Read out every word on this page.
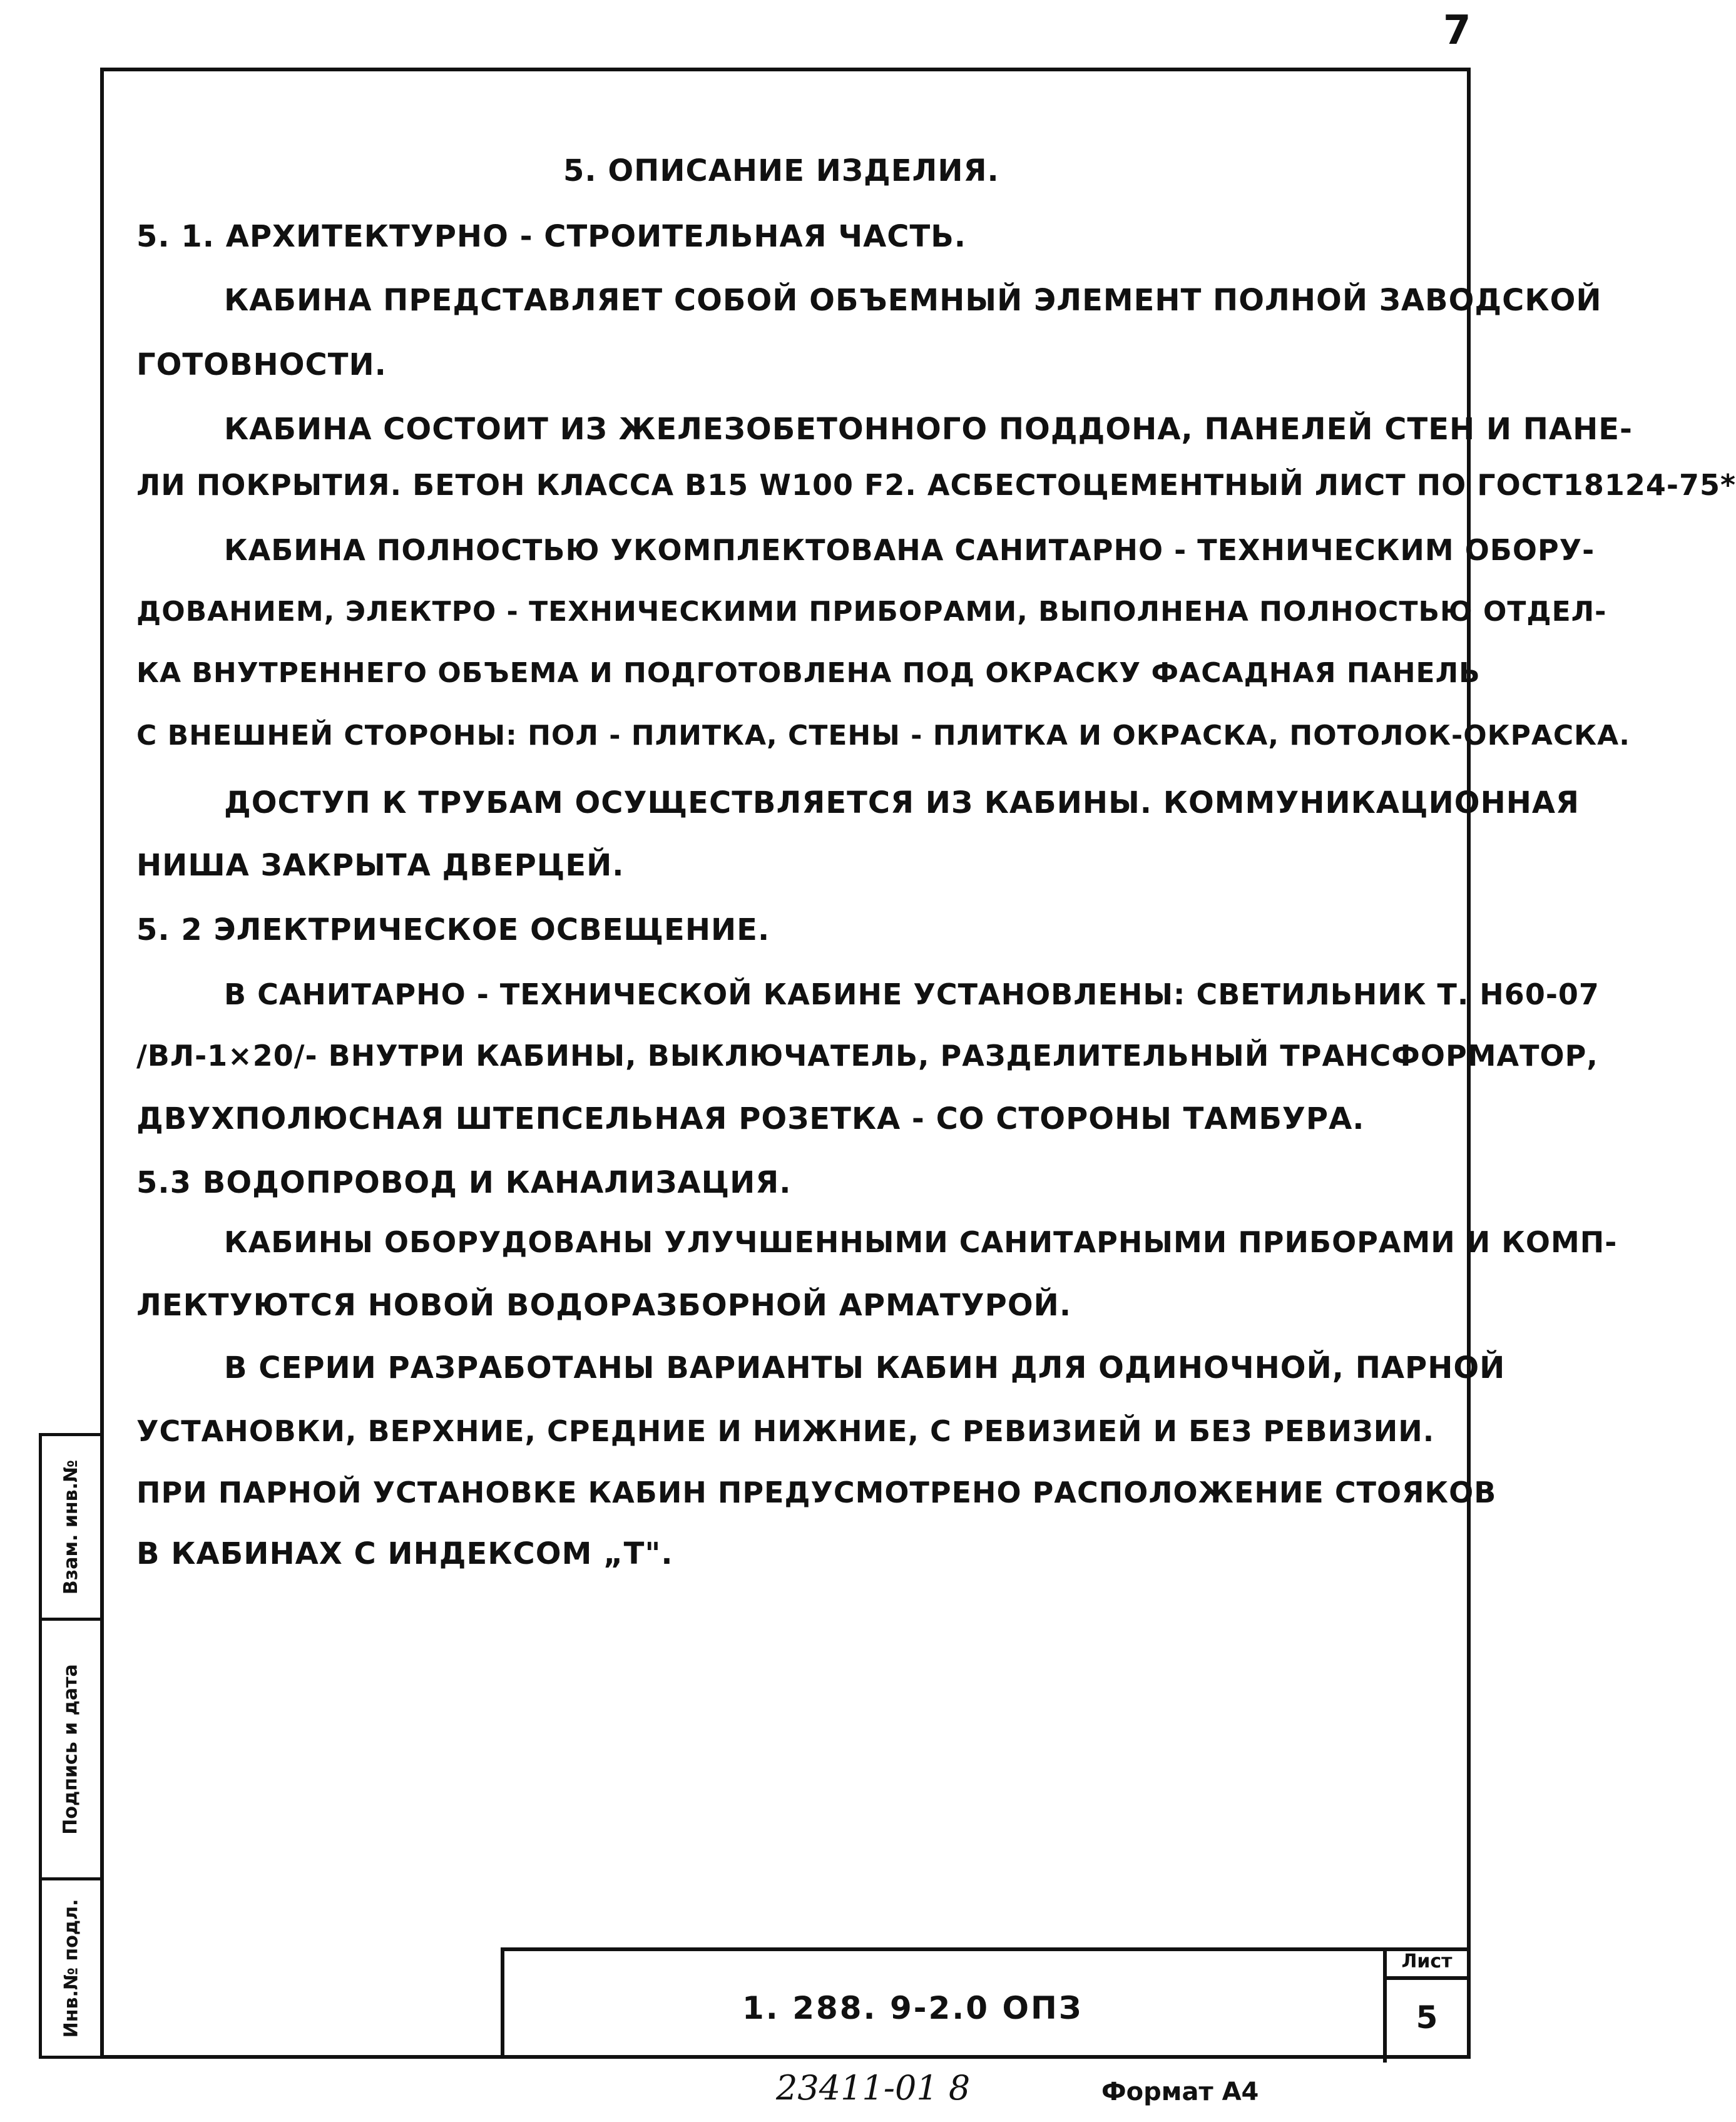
7
5. ОПИСАНИЕ ИЗДЕЛИЯ.
5. 1. АРХИТЕКТУРНО - СТРОИТЕЛЬНАЯ ЧАСТЬ.
КАБИНА ПРЕДСТАВЛЯЕТ СОБОЙ ОБЪЕМНЫЙ ЭЛЕМЕНТ ПОЛНОЙ ЗАВОДСКОЙ
ГОТОВНОСТИ.
КАБИНА СОСТОИТ ИЗ ЖЕЛЕЗОБЕТОННОГО ПОДДОНА, ПАНЕЛЕЙ СТЕН И ПАНЕ-
ЛИ ПОКРЫТИЯ. БЕТОН КЛАССА B15 W100 F2. АСБЕСТОЦЕМЕНТНЫЙ ЛИСТ ПО ГОСТ18124-75*
КАБИНА ПОЛНОСТЬЮ УКОМПЛЕКТОВАНА САНИТАРНО - ТЕХНИЧЕСКИМ ОБОРУ-
ДОВАНИЕМ, ЭЛЕКТРО - ТЕХНИЧЕСКИМИ ПРИБОРАМИ, ВЫПОЛНЕНА ПОЛНОСТЬЮ ОТДЕЛ-
КА ВНУТРЕННЕГО ОБЪЕМА И ПОДГОТОВЛЕНА ПОД ОКРАСКУ ФАСАДНАЯ ПАНЕЛЬ
С ВНЕШНЕЙ СТОРОНЫ: ПОЛ - ПЛИТКА, СТЕНЫ - ПЛИТКА И ОКРАСКА, ПОТОЛОК-ОКРАСКА.
ДОСТУП К ТРУБАМ ОСУЩЕСТВЛЯЕТСЯ ИЗ КАБИНЫ. КОММУНИКАЦИОННАЯ
НИША ЗАКРЫТА ДВЕРЦЕЙ.
5. 2 ЭЛЕКТРИЧЕСКОЕ ОСВЕЩЕНИЕ.
В САНИТАРНО - ТЕХНИЧЕСКОЙ КАБИНЕ УСТАНОВЛЕНЫ: СВЕТИЛЬНИК Т. Н60-07
/ВЛ-1×20/- ВНУТРИ КАБИНЫ, ВЫКЛЮЧАТЕЛЬ, РАЗДЕЛИТЕЛЬНЫЙ ТРАНСФОРМАТОР,
ДВУХПОЛЮСНАЯ ШТЕПСЕЛЬНАЯ РОЗЕТКА - СО СТОРОНЫ ТАМБУРА.
5.3 ВОДОПРОВОД И КАНАЛИЗАЦИЯ.
КАБИНЫ ОБОРУДОВАНЫ УЛУЧШЕННЫМИ САНИТАРНЫМИ ПРИБОРАМИ И КОМП-
ЛЕКТУЮТСЯ НОВОЙ ВОДОРАЗБОРНОЙ АРМАТУРОЙ.
В СЕРИИ РАЗРАБОТАНЫ ВАРИАНТЫ КАБИН ДЛЯ ОДИНОЧНОЙ, ПАРНОЙ
УСТАНОВКИ, ВЕРХНИЕ, СРЕДНИЕ И НИЖНИЕ, С РЕВИЗИЕЙ И БЕЗ РЕВИЗИИ.
ПРИ ПАРНОЙ УСТАНОВКЕ КАБИН ПРЕДУСМОТРЕНО РАСПОЛОЖЕНИЕ СТОЯКОВ
В КАБИНАХ С ИНДЕКСОМ „Т".
Взам. инв.№
Подпись и дата
Инв.№ подл.	1. 288. 9-2.0 ОПЗ
Лист
5
23411-01 8	Формат А4
